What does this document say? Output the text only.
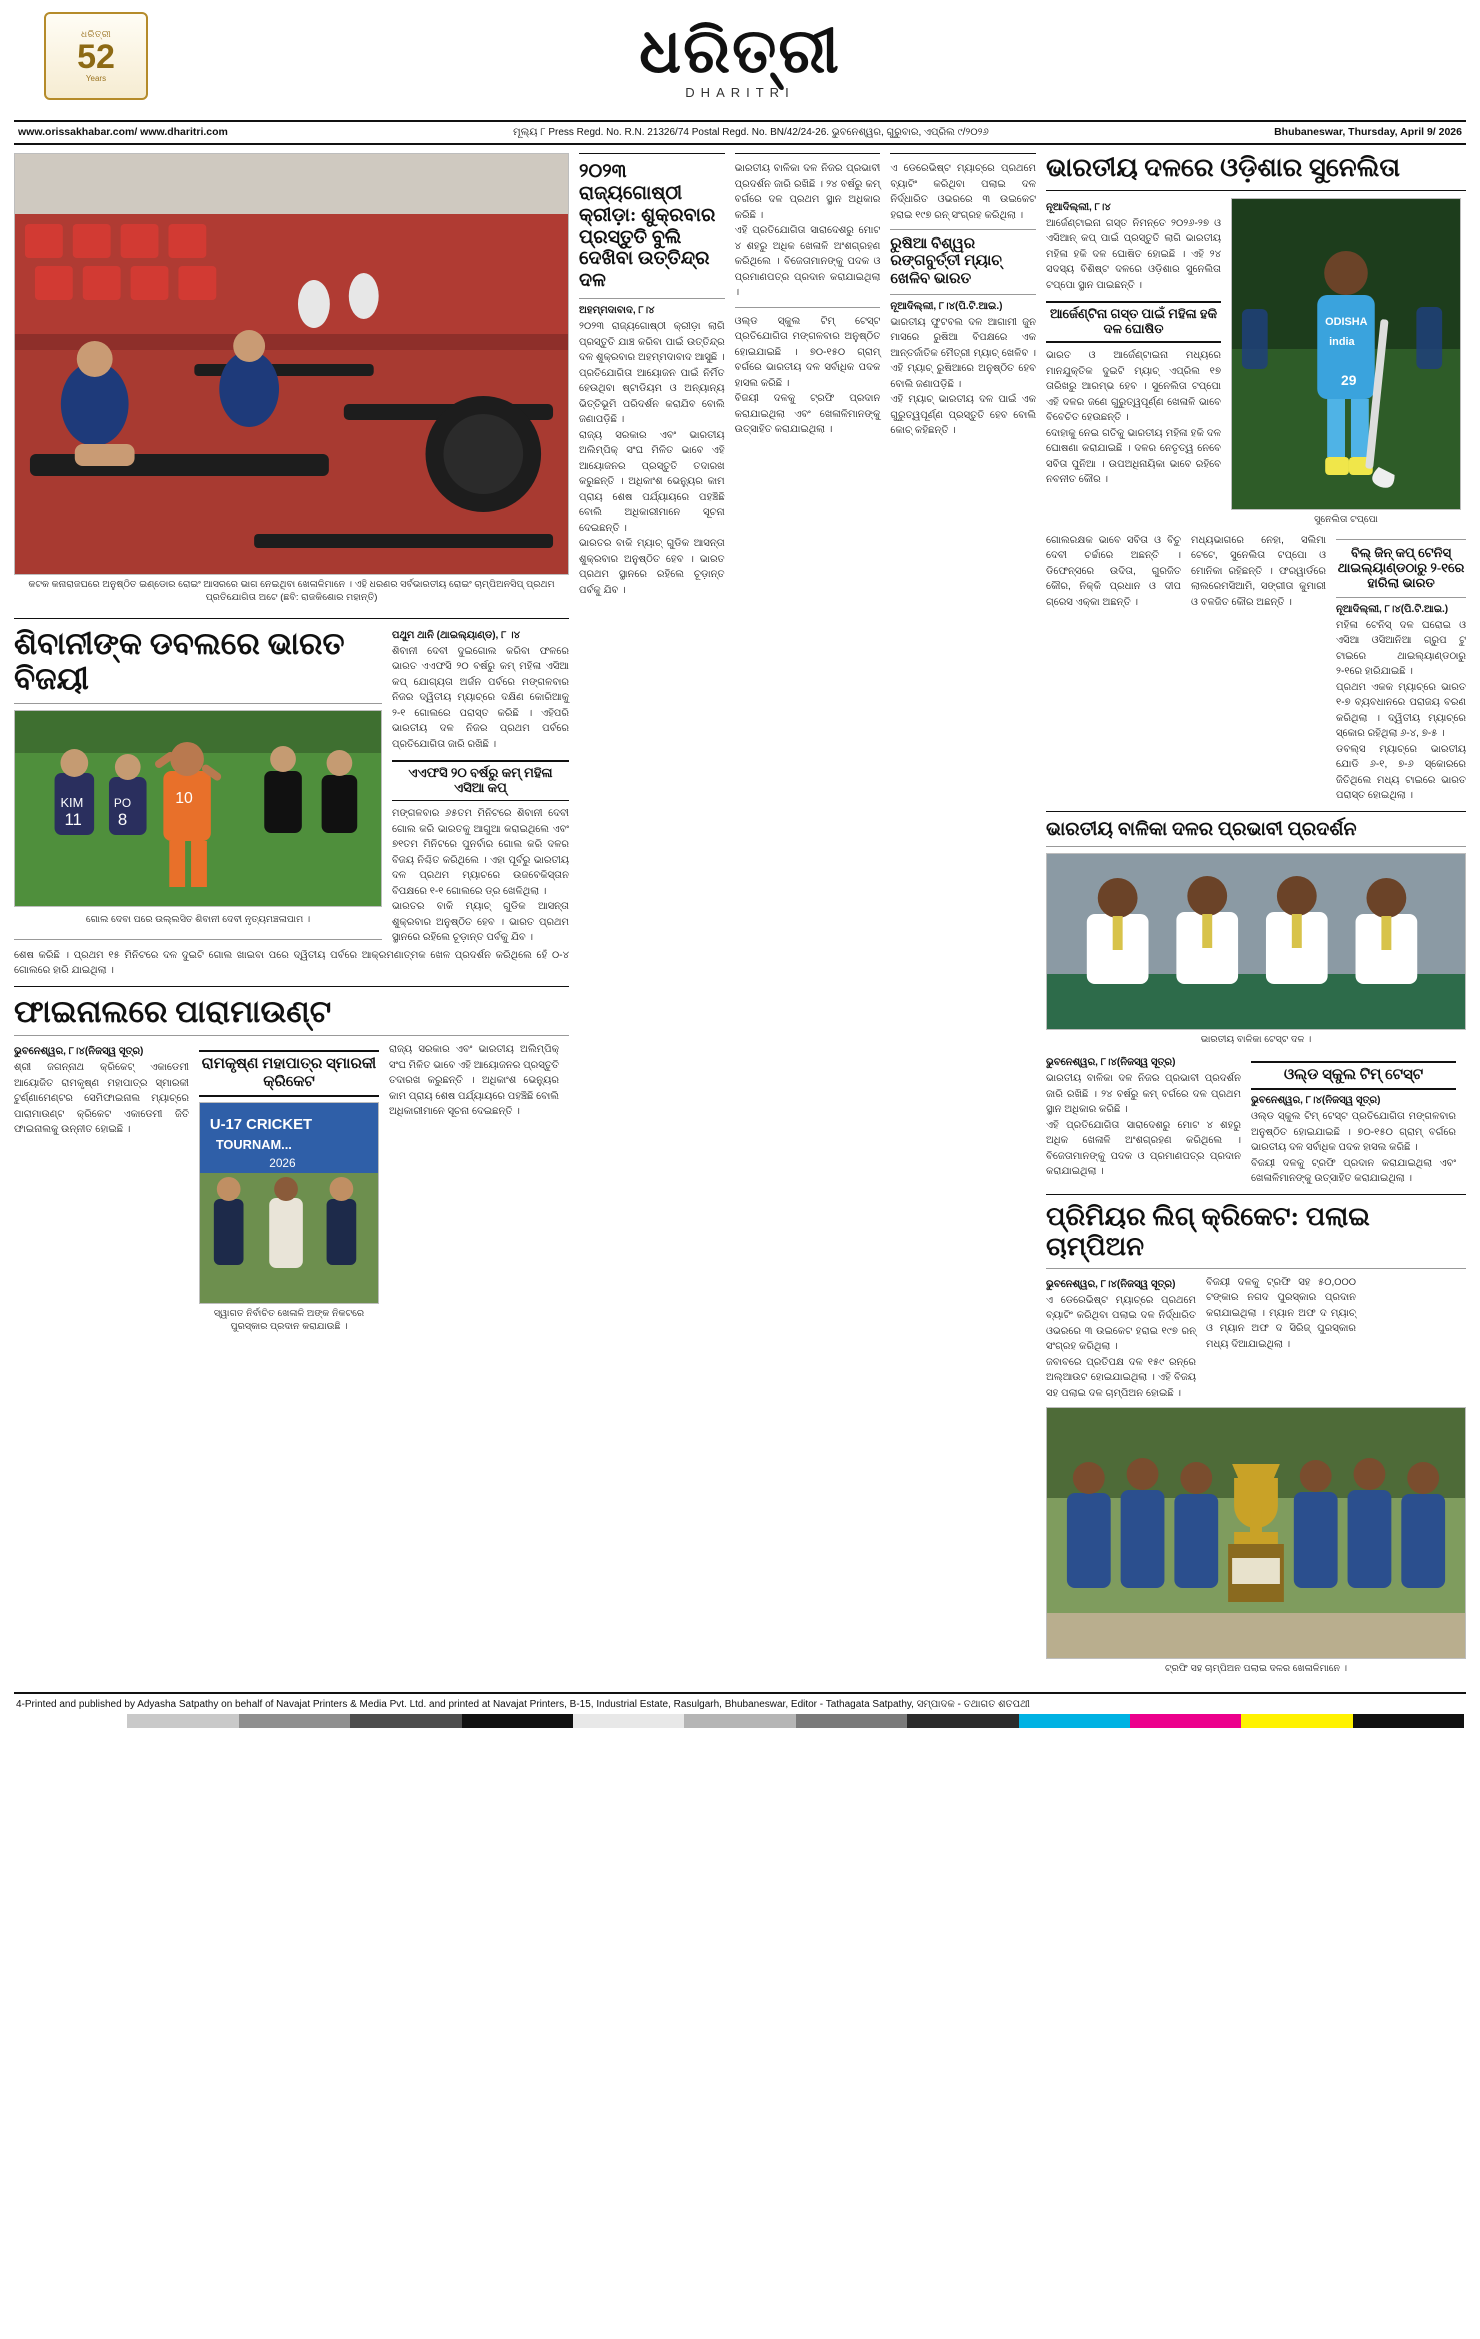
ଧରିତ୍ରୀ
52
Years	ଧରିତ୍ରୀ
DHARITRI
www.orissakhabar.com/ www.dharitri.com	ମୂଲ୍ୟ ୮ Press Regd. No. R.N. 21326/74 Postal Regd. No. BN/42/24-26. ଭୁବନେଶ୍ୱର, ଗୁରୁବାର, ଏପ୍ରିଲ ୯/୨୦୨୬	Bhubaneswar, Thursday, April 9/ 2026
କଟକ କନାରାଜଘରେ ଅନୁଷ୍ଠିତ ଇଣ୍ଡୋର ରୋଇଂ ଆସରରେ ଭାଗ ନେଇଥିବା ଖେଳାଳିମାନେ । ଏହି ଧରଣର ସର୍ବଭାରତୀୟ ରୋଇଂ ଚାମ୍ପିଅନସିପ୍‌ ପ୍ରଥମ ପ୍ରତିଯୋଗିତା ଅଟେ (ଛବି: ରାଜକିଶୋର ମହାନ୍ତି)
ଶିବାନୀଙ୍କ ଡବଲରେ ଭାରତ ବିଜୟୀ
KIM
11
PO
8
10
ଗୋଲ ଦେବା ପରେ ଉଲ୍ଲସିତ ଶିବାନୀ ଦେବୀ ନୃତ୍ୟମଞ୍ଚଳାପାମ ।
ପଥୁମ ଥାନି (ଥାଇଲ୍ୟାଣ୍ଡ), ୮ ।୪
ଶିବାନୀ ଦେବୀ ଦୁଇଗୋଲ କରିବା ଫଳରେ ଭାରତ ଏଏଫସି ୨୦ ବର୍ଷରୁ କମ୍‌ ମହିଳା ଏସିଆ କପ୍‌ ଯୋଗ୍ୟତା ଅର୍ଜନ ପର୍ବରେ ମଙ୍ଗଳବାର ନିଜର ଦ୍ୱିତୀୟ ମ୍ୟାଚ୍‌ରେ ଦକ୍ଷିଣ କୋରିଆକୁ ୨-୧ ଗୋଲରେ ପରାସ୍ତ କରିଛି । ଏହିପରି ଭାରତୀୟ ଦଳ ନିଜର ପ୍ରଥମ ପର୍ବରେ ପ୍ରତିଯୋଗିତା ଜାରି ରଖିଛି ।
ଏଏଫସି ୨୦ ବର୍ଷରୁ କମ୍‌ ମହିଳା ଏସିଆ କପ୍‌
ମଙ୍ଗଳବାର ୬୫ତମ ମିନିଟରେ ଶିବାନୀ ଦେବୀ ଗୋଲ କରି ଭାରତକୁ ଆଗୁଆ କରାଇଥିଲେ ଏବଂ ୭୧ତମ ମିନିଟରେ ପୁନର୍ବାର ଗୋଲ କରି ଦଳର ବିଜୟ ନିଶ୍ଚିତ କରିଥିଲେ । ଏହା ପୂର୍ବରୁ ଭାରତୀୟ ଦଳ ପ୍ରଥମ ମ୍ୟାଚରେ ଉଜବେକିସ୍ତାନ ବିପକ୍ଷରେ ୧-୧ ଗୋଲରେ ଡ୍ର ଖେଳିଥିଲା ।
ଭାରତର ବାକି ମ୍ୟାଚ୍‌ ଗୁଡିକ ଆସନ୍ତା ଶୁକ୍ରବାର ଅନୁଷ୍ଠିତ ହେବ । ଭାରତ ପ୍ରଥମ ସ୍ଥାନରେ ରହିଲେ ଚୂଡ଼ାନ୍ତ ପର୍ବକୁ ଯିବ ।
ଶେଷ କରିଛି । ପ୍ରଥମ ୧୫ ମିନିଟରେ ଦଳ ଦୁଇଟି ଗୋଲ ଖାଇବା ପରେ ଦ୍ୱିତୀୟ ପର୍ବରେ ଆକ୍ରମଣାତ୍ମକ ଖେଳ ପ୍ରଦର୍ଶନ କରିଥିଲେ ହେଁ ୦-୪ ଗୋଲରେ ହାରି ଯାଇଥିଲା ।
ଫାଇନାଲରେ ପାରାମାଉଣ୍ଟ
ଭୁବନେଶ୍ୱର, ୮।୪(ନିଜସ୍ୱ ସୂତ୍ର)
ଶ୍ରୀ ଜଗନ୍ନାଥ କ୍ରିକେଟ୍‌ ଏକାଡେମୀ ଆୟୋଜିତ ରାମକୃଷ୍ଣ ମହାପାତ୍ର ସ୍ମାରକୀ ଟୁର୍ଣ୍ଣାମେଣ୍ଟର ସେମିଫାଇନାଲ ମ୍ୟାଚ୍‌ରେ ପାରାମାଉଣ୍ଟ କ୍ରିକେଟ ଏକାଡେମୀ ଜିତି ଫାଇନାଲକୁ ଉନ୍ନୀତ ହୋଇଛି ।
ରାମକୃଷ୍ଣ ମହାପାତ୍ର ସ୍ମାରକୀ କ୍ରିକେଟ
U-17 CRICKET
TOURNAM...
2026
ସ୍ୱାଗତ ନିର୍ବାଚିତ ଖେଳାଳି ଅଙ୍କ ନିକଟରେ ପୁରସ୍କାର ପ୍ରଦାନ କରାଯାଉଛି ।
ରାଜ୍ୟ ସରକାର ଏବଂ ଭାରତୀୟ ଅଲିମ୍ପିକ୍‌ ସଂଘ ମିଳିତ ଭାବେ ଏହି ଆୟୋଜନର ପ୍ରସ୍ତୁତି ତଦାରଖ କରୁଛନ୍ତି । ଅଧିକାଂଶ ଭେନ୍ୟୁର କାମ ପ୍ରାୟ ଶେଷ ପର୍ଯ୍ୟାୟରେ ପହଞ୍ଚିଛି ବୋଲି ଅଧିକାରୀମାନେ ସୂଚନା ଦେଇଛନ୍ତି ।
୨୦୨୩ ରାଜ୍ୟଗୋଷ୍ଠୀ କ୍ରୀଡ଼ା: ଶୁକ୍ରବାର ପ୍ରସ୍ତୁତି ବୁଲି ଦେଖିବା ଉତ୍ତିନ୍ଦ୍ର ଦଳ
ଅହମ୍ମଦାବାଦ, ୮।୪
୨୦୨୩ ରାଜ୍ୟଗୋଷ୍ଠୀ କ୍ରୀଡ଼ା ଲାଗି ପ୍ରସ୍ତୁତି ଯାଞ୍ଚ କରିବା ପାଇଁ ଉତ୍ତିନ୍ଦ୍ର ଦଳ ଶୁକ୍ରବାର ଅହମ୍ମଦାବାଦ ଆସୁଛି । ପ୍ରତିଯୋଗିତା ଆୟୋଜନ ପାଇଁ ନିର୍ମିତ ହେଉଥିବା ଷ୍ଟାଡିୟମ ଓ ଅନ୍ୟାନ୍ୟ ଭିତ୍ତିଭୂମି ପରିଦର୍ଶନ କରାଯିବ ବୋଲି ଜଣାପଡ଼ିଛି ।
ରାଜ୍ୟ ସରକାର ଏବଂ ଭାରତୀୟ ଅଲିମ୍ପିକ୍‌ ସଂଘ ମିଳିତ ଭାବେ ଏହି ଆୟୋଜନର ପ୍ରସ୍ତୁତି ତଦାରଖ କରୁଛନ୍ତି । ଅଧିକାଂଶ ଭେନ୍ୟୁର କାମ ପ୍ରାୟ ଶେଷ ପର୍ଯ୍ୟାୟରେ ପହଞ୍ଚିଛି ବୋଲି ଅଧିକାରୀମାନେ ସୂଚନା ଦେଇଛନ୍ତି ।
ଭାରତର ବାକି ମ୍ୟାଚ୍‌ ଗୁଡିକ ଆସନ୍ତା ଶୁକ୍ରବାର ଅନୁଷ୍ଠିତ ହେବ । ଭାରତ ପ୍ରଥମ ସ୍ଥାନରେ ରହିଲେ ଚୂଡ଼ାନ୍ତ ପର୍ବକୁ ଯିବ ।
ଭାରତୀୟ ବାଳିକା ଦଳ ନିଜର ପ୍ରଭାବୀ ପ୍ରଦର୍ଶନ ଜାରି ରଖିଛି । ୨୪ ବର୍ଷରୁ କମ୍‌ ବର୍ଗରେ ଦଳ ପ୍ରଥମ ସ୍ଥାନ ଅଧିକାର କରିଛି ।
ଏହି ପ୍ରତିଯୋଗିତା ସାରାଦେଶରୁ ମୋଟ ୪ ଶହରୁ ଅଧିକ ଖେଳାଳି ଅଂଶଗ୍ରହଣ କରିଥିଲେ । ବିଜେତାମାନଙ୍କୁ ପଦକ ଓ ପ୍ରମାଣପତ୍ର ପ୍ରଦାନ କରାଯାଇଥିଲା ।
ଓଲ୍ଡ ସ୍କୁଲ ଟିମ୍‌ ଟେସ୍ଟ ପ୍ରତିଯୋଗିତା ମଙ୍ଗଳବାର ଅନୁଷ୍ଠିତ ହୋଇଯାଇଛି । ୭୦-୧୫୦ ଗ୍ରାମ୍‌ ବର୍ଗରେ ଭାରତୀୟ ଦଳ ସର୍ବାଧିକ ପଦକ ହାସଲ କରିଛି ।
ବିଜୟୀ ଦଳକୁ ଟ୍ରଫି ପ୍ରଦାନ କରାଯାଇଥିଲା ଏବଂ ଖେଳାଳିମାନଙ୍କୁ ଉତ୍ସାହିତ କରାଯାଇଥିଲା ।
ଏ ଡେରେଭିଷ୍ଟ ମ୍ୟାଚ୍‌ରେ ପ୍ରଥମେ ବ୍ୟାଟିଂ କରିଥିବା ପଲାଇ ଦଳ ନିର୍ଦ୍ଧାରିତ ଓଭରରେ ୩ ଉଇକେଟ ହରାଇ ୧୯୭ ରନ୍‌ ସଂଗ୍ରହ କରିଥିଲା ।
ରୁଷିଆ ବିଶ୍ୱର ରଙ୍ଗବୁର୍ତ୍ତୀ ମ୍ୟାଚ୍‌ ଖେଳିବ ଭାରତ
ନୂଆଦିଲ୍ଲୀ, ୮।୪(ପି.ଟି.ଆଇ.)
ଭାରତୀୟ ଫୁଟବଲ ଦଳ ଆଗାମୀ ଜୁନ ମାସରେ ରୁଷିଆ ବିପକ୍ଷରେ ଏକ ଆନ୍ତର୍ଜାତିକ ମୈତ୍ରୀ ମ୍ୟାଚ୍‌ ଖେଳିବ । ଏହି ମ୍ୟାଚ୍‌ ରୁଷିଆରେ ଅନୁଷ୍ଠିତ ହେବ ବୋଲି ଜଣାପଡ଼ିଛି ।
ଏହି ମ୍ୟାଚ୍‌ ଭାରତୀୟ ଦଳ ପାଇଁ ଏକ ଗୁରୁତ୍ୱପୂର୍ଣ୍ଣ ପ୍ରସ୍ତୁତି ହେବ ବୋଲି କୋଚ୍‌ କହିଛନ୍ତି ।
ଭାରତୀୟ ଦଳରେ ଓଡ଼ିଶାର ସୁନେଲିତା
ନୂଆଦିଲ୍ଲୀ, ୮।୪
ଆର୍ଜେଣ୍ଟାଇନା ଗସ୍ତ ନିମନ୍ତେ ୨୦୨୬-୨୭ ଓ ଏସିଆନ୍‌ କପ୍‌ ପାଇଁ ପ୍ରସ୍ତୁତି ଲାଗି ଭାରତୀୟ ମହିଳା ହକି ଦଳ ଘୋଷିତ ହୋଇଛି । ଏହି ୨୪ ସଦସ୍ୟ ବିଶିଷ୍ଟ ଦଳରେ ଓଡ଼ିଶାର ସୁନେଲିତା ଟପ୍ପୋ ସ୍ଥାନ ପାଇଛନ୍ତି ।
ଆର୍ଜେଣ୍ଟିନା ଗସ୍ତ ପାଇଁ ମହିଳା ହକି ଦଳ ଘୋଷିତ
ଭାରତ ଓ ଆର୍ଜେଣ୍ଟାଇନା ମଧ୍ୟରେ ମାନଯୁକ୍ତିକ ଦୁଇଟି ମ୍ୟାଚ୍‌ ଏପ୍ରିଲ ୧୭ ତାରିଖରୁ ଆରମ୍ଭ ହେବ । ସୁନେଲିତା ଟପ୍ପୋ ଏହି ଦଳର ଜଣେ ଗୁରୁତ୍ୱପୂର୍ଣ୍ଣ ଖେଳାଳି ଭାବେ ବିବେଚିତ ହେଉଛନ୍ତି ।
ଦୋହାକୁ ନେଇ ଗତିକୁ ଭାରତୀୟ ମହିଳା ହକି ଦଳ ଘୋଷଣା କରାଯାଇଛି । ଦଳର ନେତୃତ୍ୱ ନେବେ ସବିତା ପୁନିଆ । ଉପଅଧିନାୟିକା ଭାବେ ରହିବେ ନବନୀତ କୌର ।
ODISHA
india
29
ସୁନେଲିତା ଟପ୍ପୋ
ଗୋଲରକ୍ଷକ ଭାବେ ସବିତା ଓ ବିଚୁ ଦେବୀ ଚର୍ଚ୍ଚାରେ ଅଛନ୍ତି । ଡିଫେନ୍ସରେ ଉଦିତା, ଗୁରଜିତ କୌର, ନିକ୍କି ପ୍ରଧାନ ଓ ଦୀପ ଗ୍ରେସ ଏକ୍କା ଅଛନ୍ତି ।
ମଧ୍ୟଭାଗରେ ନେହା, ସଲିମା ଟେଟେ, ସୁନେଲିତା ଟପ୍ପୋ ଓ ମୋନିକା ରହିଛନ୍ତି । ଫରୱାର୍ଡରେ ଲାଲରେମସିଆମି, ସଙ୍ଗୀତା କୁମାରୀ ଓ ବଳଜିତ କୌର ଅଛନ୍ତି ।
ବିଲ୍‌ ଜିନ୍‌ କପ୍‌ ଟେନିସ୍‌
ଥାଇଲ୍ୟାଣ୍ଡଠାରୁ ୨-୧ରେ ହାରିଲା ଭାରତ
ନୂଆଦିଲ୍ଲୀ, ୮।୪(ପି.ଟି.ଆଇ.)
ମହିଳା ଟେନିସ୍‌ ଦଳ ଘରୋଇ ଓ ଏସିଆ ଓସିଆନିଆ ଗ୍ରୁପ ଟୁ ଟାଇରେ ଥାଇଲ୍ୟାଣ୍ଡଠାରୁ ୨-୧ରେ ହାରିଯାଇଛି ।
ପ୍ରଥମ ଏକକ ମ୍ୟାଚ୍‌ରେ ଭାରତ ୧-୭ ବ୍ୟବଧାନରେ ପରାଜୟ ବରଣ କରିଥିଲା । ଦ୍ୱିତୀୟ ମ୍ୟାଚ୍‌ରେ ସ୍କୋର ରହିଥିଲା ୬-୪, ୭-୫ ।
ଡବଲ୍ସ ମ୍ୟାଚ୍‌ରେ ଭାରତୀୟ ଯୋଡି ୬-୧, ୭-୬ ସ୍କୋରରେ ଜିତିଥିଲେ ମଧ୍ୟ ଟାଇରେ ଭାରତ ପରାସ୍ତ ହୋଇଥିଲା ।
ଭାରତୀୟ ବାଳିକା ଦଳର ପ୍ରଭାବୀ ପ୍ରଦର୍ଶନ
ଭାରତୀୟ ବାଳିକା ଟେସ୍ଟ ଦଳ ।
ଭୁବନେଶ୍ୱର, ୮।୪(ନିଜସ୍ୱ ସୂତ୍ର)
ଭାରତୀୟ ବାଳିକା ଦଳ ନିଜର ପ୍ରଭାବୀ ପ୍ରଦର୍ଶନ ଜାରି ରଖିଛି । ୨୪ ବର୍ଷରୁ କମ୍‌ ବର୍ଗରେ ଦଳ ପ୍ରଥମ ସ୍ଥାନ ଅଧିକାର କରିଛି ।
ଏହି ପ୍ରତିଯୋଗିତା ସାରାଦେଶରୁ ମୋଟ ୪ ଶହରୁ ଅଧିକ ଖେଳାଳି ଅଂଶଗ୍ରହଣ କରିଥିଲେ । ବିଜେତାମାନଙ୍କୁ ପଦକ ଓ ପ୍ରମାଣପତ୍ର ପ୍ରଦାନ କରାଯାଇଥିଲା ।
ଓଲ୍ଡ ସ୍କୁଲ ଟିମ୍‌ ଟେସ୍ଟ
ଭୁବନେଶ୍ୱର, ୮।୪(ନିଜସ୍ୱ ସୂତ୍ର)
ଓଲ୍ଡ ସ୍କୁଲ ଟିମ୍‌ ଟେସ୍ଟ ପ୍ରତିଯୋଗିତା ମଙ୍ଗଳବାର ଅନୁଷ୍ଠିତ ହୋଇଯାଇଛି । ୭୦-୧୫୦ ଗ୍ରାମ୍‌ ବର୍ଗରେ ଭାରତୀୟ ଦଳ ସର୍ବାଧିକ ପଦକ ହାସଲ କରିଛି ।
ବିଜୟୀ ଦଳକୁ ଟ୍ରଫି ପ୍ରଦାନ କରାଯାଇଥିଲା ଏବଂ ଖେଳାଳିମାନଙ୍କୁ ଉତ୍ସାହିତ କରାଯାଇଥିଲା ।
ପ୍ରିମିୟର ଲିଗ୍‌ କ୍ରିକେଟ: ପଲାଇ ଚାମ୍ପିଅନ
ଭୁବନେଶ୍ୱର, ୮।୪(ନିଜସ୍ୱ ସୂତ୍ର)
ଏ ଡେରେଭିଷ୍ଟ ମ୍ୟାଚ୍‌ରେ ପ୍ରଥମେ ବ୍ୟାଟିଂ କରିଥିବା ପଲାଇ ଦଳ ନିର୍ଦ୍ଧାରିତ ଓଭରରେ ୩ ଉଇକେଟ ହରାଇ ୧୯୭ ରନ୍‌ ସଂଗ୍ରହ କରିଥିଲା ।
ଜବାବରେ ପ୍ରତିପକ୍ଷ ଦଳ ୧୫୯ ରନ୍‌ରେ ଅଲ୍‌ଆଉଟ ହୋଇଯାଇଥିଲା । ଏହି ବିଜୟ ସହ ପଲାଇ ଦଳ ଚାମ୍ପିଅନ ହୋଇଛି ।
ବିଜୟୀ ଦଳକୁ ଟ୍ରଫି ସହ ୫୦,୦୦୦ ଟଙ୍କାର ନଗଦ ପୁରସ୍କାର ପ୍ରଦାନ କରାଯାଇଥିଲା । ମ୍ୟାନ ଅଫ ଦ ମ୍ୟାଚ୍‌ ଓ ମ୍ୟାନ ଅଫ ଦ ସିରିଜ୍‌ ପୁରସ୍କାର ମଧ୍ୟ ଦିଆଯାଇଥିଲା ।
ଟ୍ରଫି ସହ ଚାମ୍ପିଅନ ପଲାଇ ଦଳର ଖେଳାଳିମାନେ ।
4-Printed and published by Adyasha Satpathy on behalf of Navajat Printers & Media Pvt. Ltd. and printed at Navajat Printers, B-15, Industrial Estate, Rasulgarh, Bhubaneswar, Editor - Tathagata Satpathy, ସମ୍ପାଦକ - ତଥାଗତ ଶତପଥୀ
